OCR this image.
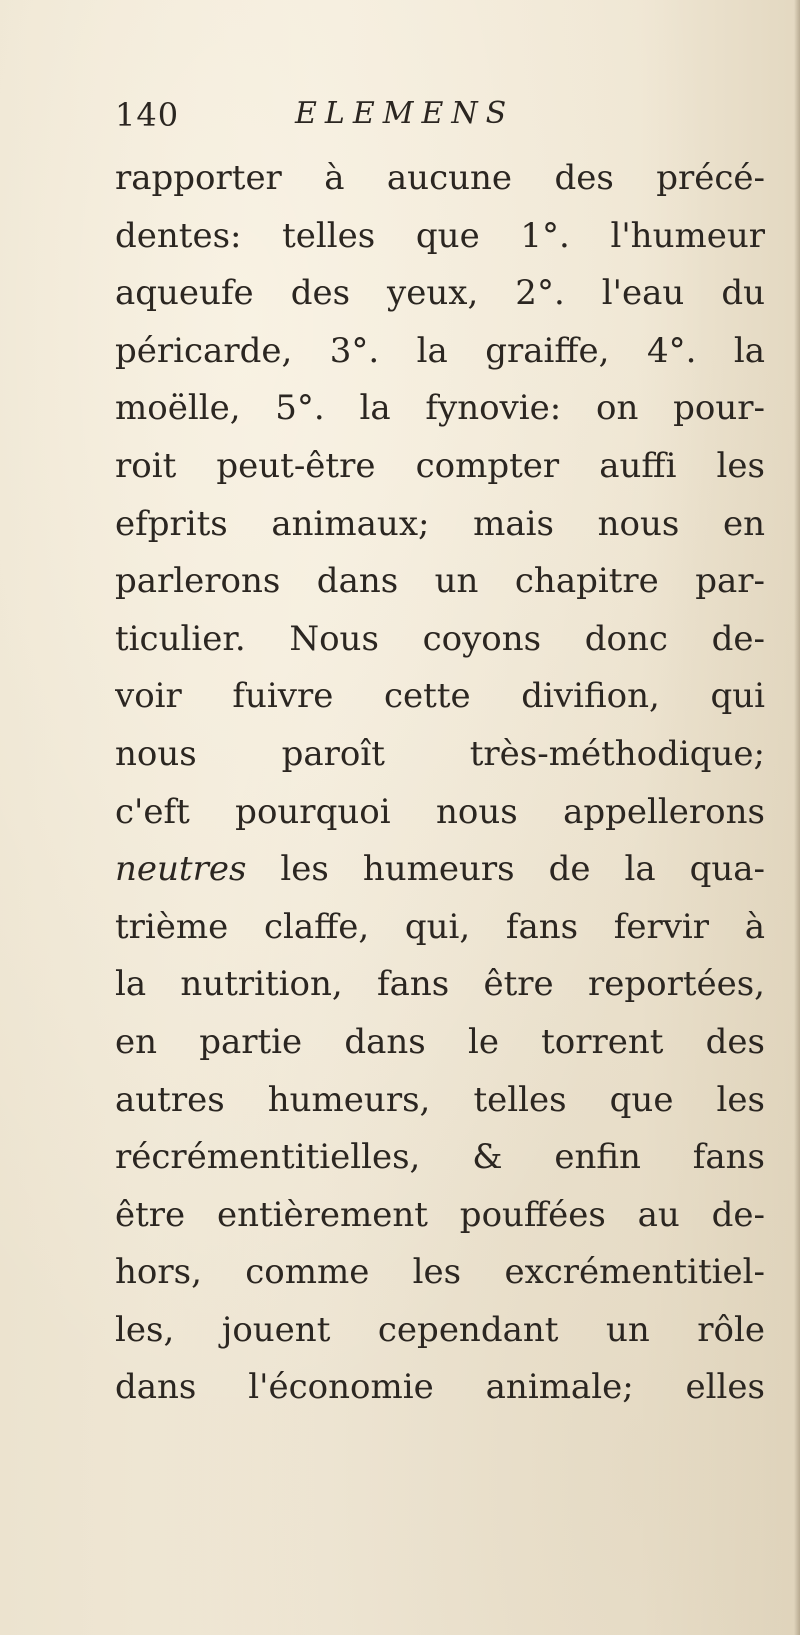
140	ELEMENS
rapporter à aucune des précé-
dentes: telles que 1°. l'humeur
aqueufe des yeux, 2°. l'eau du
péricarde, 3°. la graiffe, 4°. la
moëlle, 5°. la fynovie: on pour-
roit peut-être compter auffi les
efprits animaux; mais nous en
parlerons dans un chapitre par-
ticulier. Nous coyons donc de-
voir fuivre cette divifion, qui
nous paroît très-méthodique;
c'eft pourquoi nous appellerons
neutres les humeurs de la qua-
trième claffe, qui, fans fervir à
la nutrition, fans être reportées,
en partie dans le torrent des
autres humeurs, telles que les
récrémentitielles, & enfin fans
être entièrement pouffées au de-
hors, comme les excrémentitiel-
les, jouent cependant un rôle
dans l'économie animale; elles
